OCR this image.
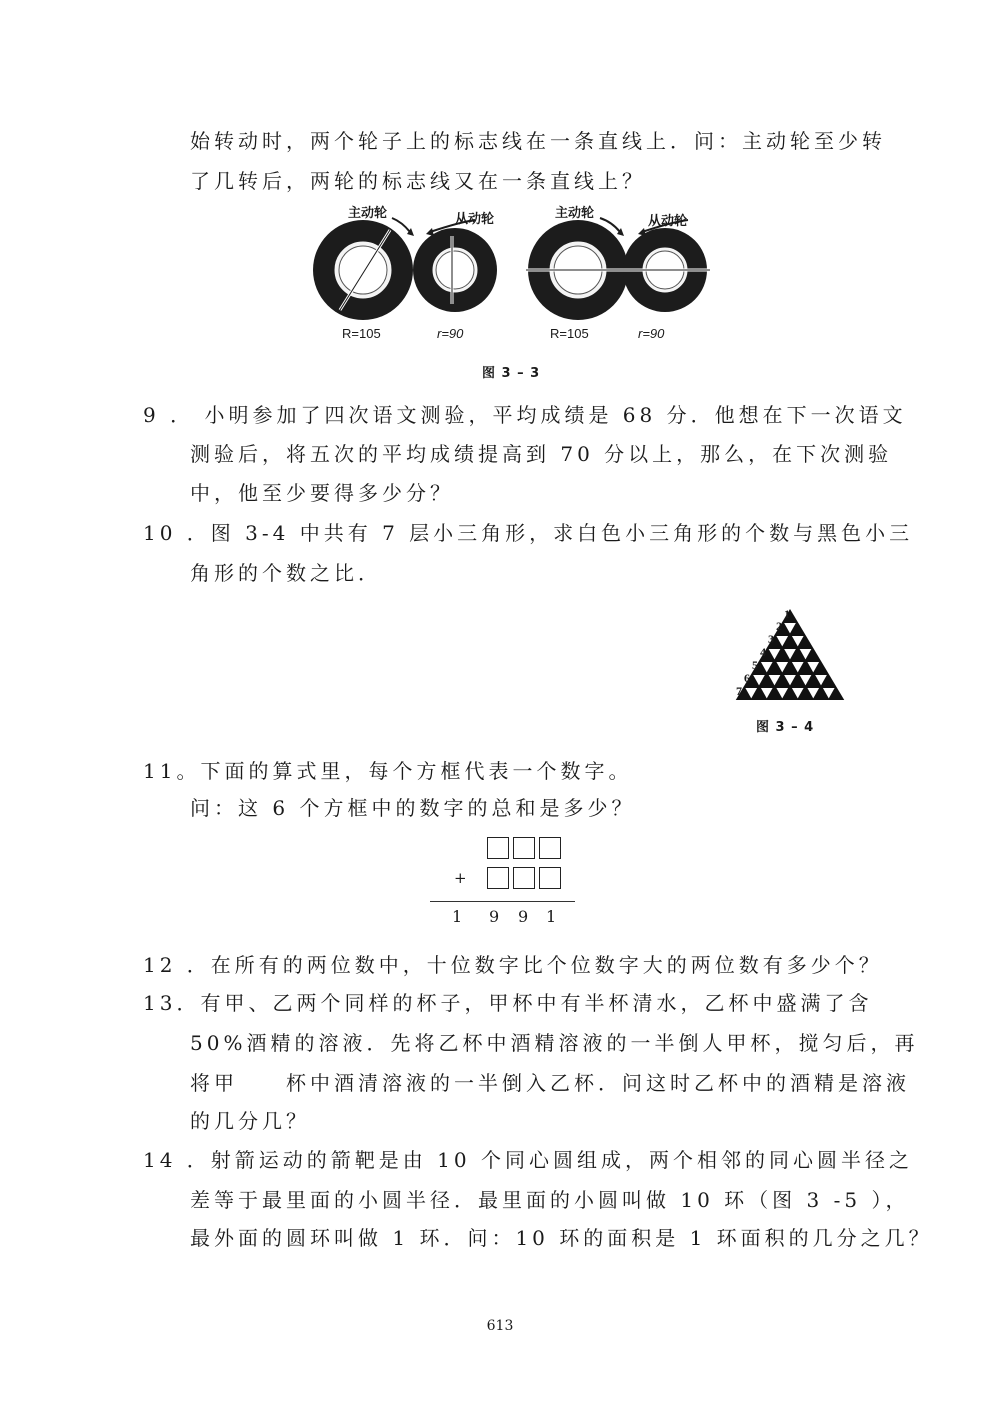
始转动时，两个轮子上的标志线在一条直线上．问：主动轮至少转
了几转后，两轮的标志线又在一条直线上？
主动轮	从动轮	主动轮
从动轮
R=105	r=90	R=105	r=90
图 3 – 3
9 ． 小明参加了四次语文测验，平均成绩是 68 分．他想在下一次语文
测验后，将五次的平均成绩提高到 70 分以上，那么，在下次测验
中，他至少要得多少分？
10 ．图 3-4 中共有 7 层小三角形，求白色小三角形的个数与黑色小三
角形的个数之比．
1
2
3
4
5
6
7
图 3 – 4
11。下面的算式里，每个方框代表一个数字。
问：这 6 个方框中的数字的总和是多少？
+
1 9 9 1
12 ．在所有的两位数中，十位数字比个位数字大的两位数有多少个？
13．有甲、乙两个同样的杯子，甲杯中有半杯清水，乙杯中盛满了含
50%酒精的溶液．先将乙杯中酒精溶液的一半倒人甲杯，搅匀后，再
将甲　　杯中酒清溶液的一半倒入乙杯．问这时乙杯中的酒精是溶液
的几分几？
14 ．射箭运动的箭靶是由 10 个同心圆组成，两个相邻的同心圆半径之
差等于最里面的小圆半径．最里面的小圆叫做 10 环（图 3 -5 ），
最外面的圆环叫做 1 环．问：10 环的面积是 1 环面积的几分之几？
613
